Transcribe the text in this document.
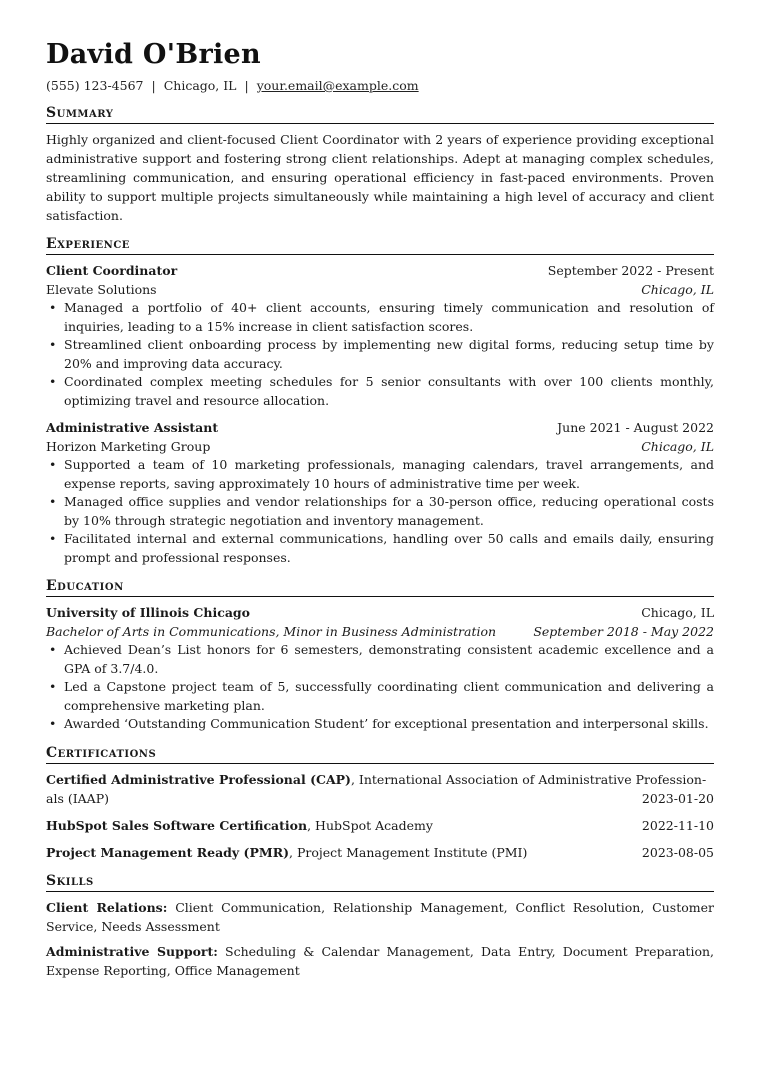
David O'Brien
(555) 123-4567 | Chicago, IL | your.email@example.com
Summary

Highly organized and client-focused Client Coordinator with 2 years of experience providing exceptional administrative support and fostering strong client relationships. Adept at managing complex schedules, streamlining communication, and ensuring operational efficiency in fast-paced environments. Proven ability to support multiple projects simultaneously while maintaining a high level of accuracy and client satisfaction.

Experience
Client Coordinator	September 2022 - Present
Elevate Solutions	Chicago, IL
• Managed a portfolio of 40+ client accounts, ensuring timely communication and resolution of inquiries, leading to a 15% increase in client satisfaction scores.
• Streamlined client onboarding process by implementing new digital forms, reducing setup time by 20% and improving data accuracy.
• Coordinated complex meeting schedules for 5 senior consultants with over 100 clients monthly, optimizing travel and resource allocation.
Administrative Assistant	June 2021 - August 2022
Horizon Marketing Group	Chicago, IL
• Supported a team of 10 marketing professionals, managing calendars, travel arrangements, and expense reports, saving approximately 10 hours of administrative time per week.
• Managed office supplies and vendor relationships for a 30-person office, reducing operational costs by 10% through strategic negotiation and inventory management.
• Facilitated internal and external communications, handling over 50 calls and emails daily, ensuring prompt and professional responses.
Education
University of Illinois Chicago	Chicago, IL
Bachelor of Arts in Communications, Minor in Business Administration	September 2018 - May 2022
• Achieved Dean’s List honors for 6 semesters, demonstrating consistent academic excellence and a GPA of 3.7/4.0.
• Led a Capstone project team of 5, successfully coordinating client communication and delivering a comprehensive marketing plan.
• Awarded ‘Outstanding Communication Student’ for exceptional presentation and interpersonal skills.
Certifications
Certified Administrative Professional (CAP), International Association of Administrative Profession-
als (IAAP)	2023-01-20
HubSpot Sales Software Certification, HubSpot Academy	2022-11-10
Project Management Ready (PMR), Project Management Institute (PMI)	2023-08-05
Skills
Client Relations: Client Communication, Relationship Management, Conflict Resolution, Customer Service, Needs Assessment
Administrative Support: Scheduling & Calendar Management, Data Entry, Document Preparation, Expense Reporting, Office Management
